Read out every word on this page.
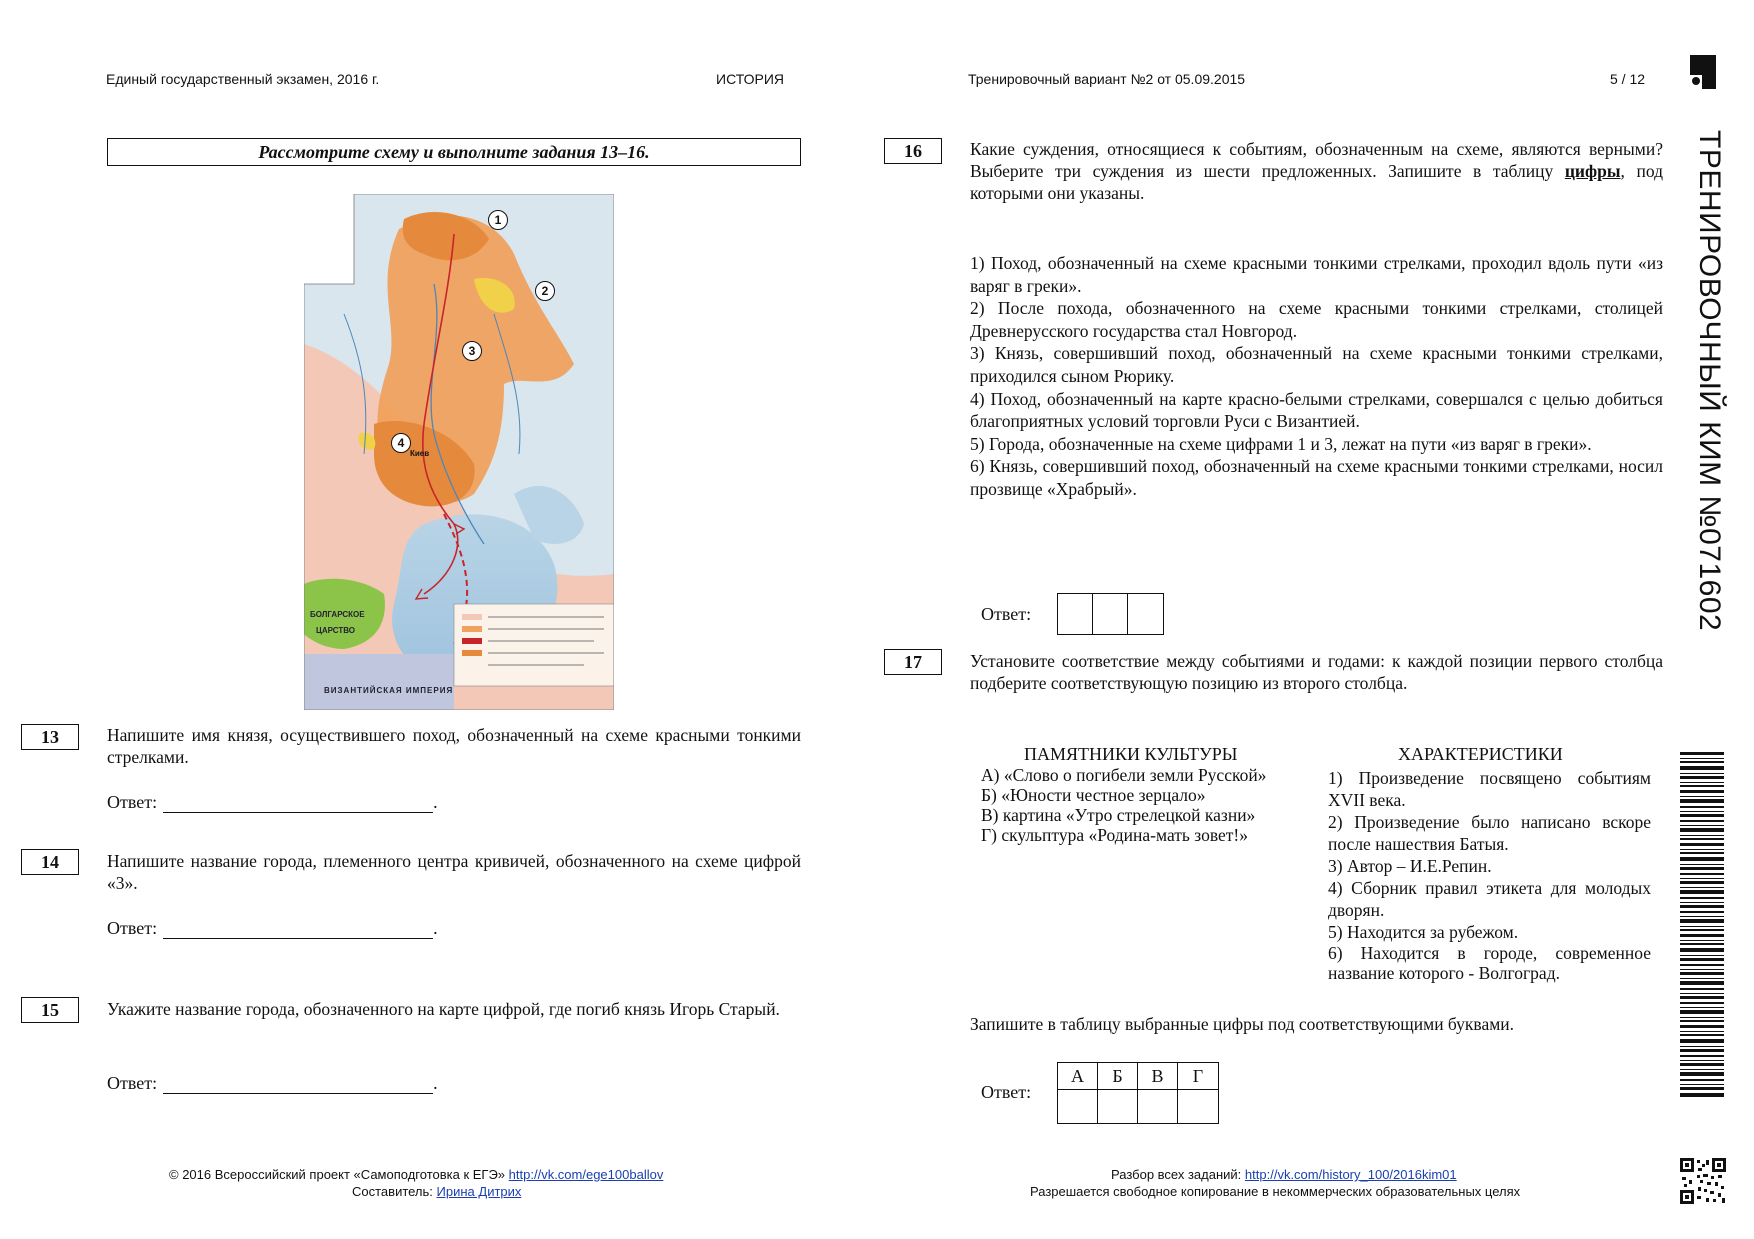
Единый государственный экзамен, 2016 г.	ИСТОРИЯ	Тренировочный вариант №2 от 05.09.2015	5 / 12
ТРЕНИРОВОЧНЫЙ КИМ №071602
Рассмотрите схему и выполните задания 13–16.
1
2
3
4
Киев
БОЛГАРСКОЕ
ЦАРСТВО
ВИЗАНТИЙСКАЯ ИМПЕРИЯ
13	Напишите имя князя, осуществившего поход, обозначенный на схеме красными тонкими стрелками.
Ответ:	.
14	Напишите название города, племенного центра кривичей, обозначенного на схеме цифрой «3».
Ответ:	.
15	Укажите название города, обозначенного на карте цифрой, где погиб князь Игорь Старый.
Ответ:	.
16	Какие суждения, относящиеся к событиям, обозначенным на схеме, являются верными? Выберите три суждения из шести предложенных. Запишите в таблицу цифры, под которыми они указаны.

1) Поход, обозначенный на схеме красными тонкими стрелками, проходил вдоль пути «из варяг в греки».

2) После похода, обозначенного на схеме красными тонкими стрелками, столицей Древнерусского государства стал Новгород.

3) Князь, совершивший поход, обозначенный на схеме красными тонкими стрелками, приходился сыном Рюрику.

4) Поход, обозначенный на карте красно-белыми стрелками, совершался с целью добиться благоприятных условий торговли Руси с Византией.

5) Города, обозначенные на схеме цифрами 1 и 3, лежат на пути «из варяг в греки».

6) Князь, совершивший поход, обозначенный на схеме красными тонкими стрелками, носил прозвище «Храбрый».

Ответ:
17	Установите соответствие между событиями и годами: к каждой позиции первого столбца подберите соответствующую позицию из второго столбца.
ПАМЯТНИКИ КУЛЬТУРЫ

А) «Слово о погибели земли Русской»

Б) «Юности честное зерцало»

В) картина «Утро стрелецкой казни»

Г) скульптура «Родина-мать зовет!»

ХАРАКТЕРИСТИКИ

1) Произведение посвящено событиям XVII века.

2) Произведение было написано вскоре после нашествия Батыя.

3) Автор – И.Е.Репин.

4) Сборник правил этикета для молодых дворян.

5) Находится за рубежом.

6) Находится в городе, современное название которого - Волгоград.

Запишите в таблицу выбранные цифры под соответствующими буквами.
Ответ:
А	Б	В	Г
© 2016 Всероссийский проект «Самоподготовка к ЕГЭ» http://vk.com/ege100ballov
Составитель: Ирина Дитрих
Разбор всех заданий: http://vk.com/history_100/2016kim01
Разрешается свободное копирование в некоммерческих образовательных целях
